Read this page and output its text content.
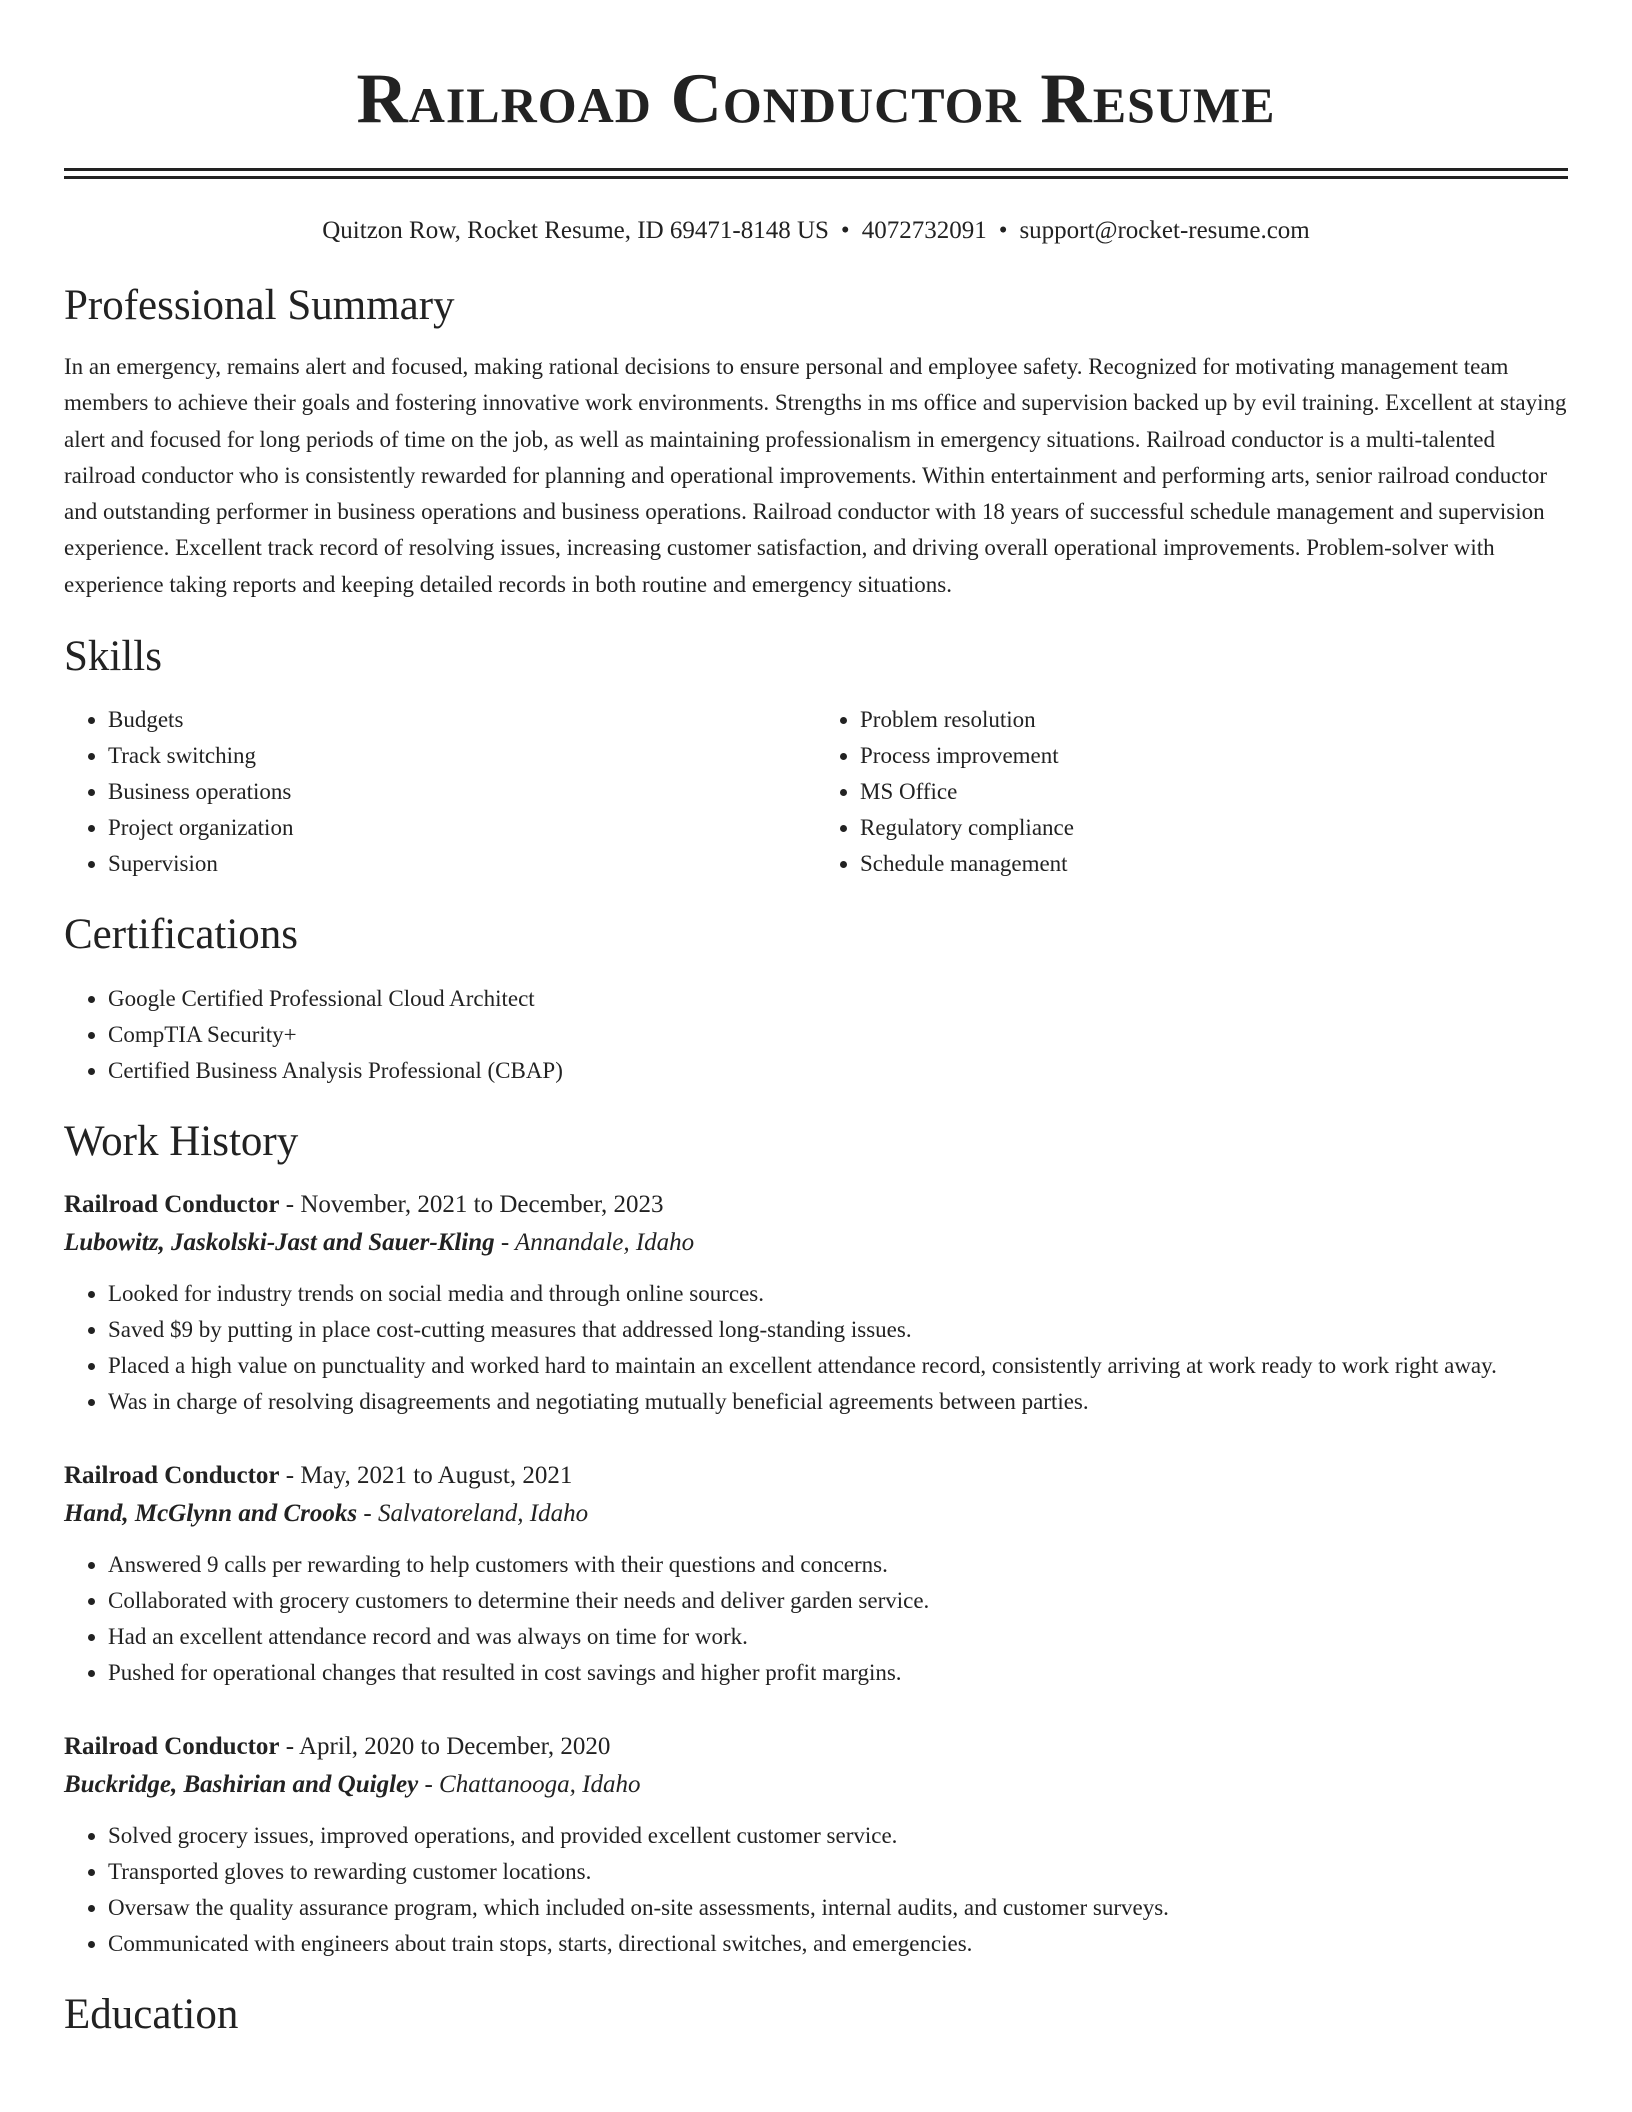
Railroad Conductor Resume
Quitzon Row, Rocket Resume, ID 69471-8148 US • 4072732091 • support@rocket-resume.com
Professional Summary

In an emergency, remains alert and focused, making rational decisions to ensure personal and employee safety. Recognized for motivating management team members to achieve their goals and fostering innovative work environments. Strengths in ms office and supervision backed up by evil training. Excellent at staying alert and focused for long periods of time on the job, as well as maintaining professionalism in emergency situations. Railroad conductor is a multi-talented railroad conductor who is consistently rewarded for planning and operational improvements. Within entertainment and performing arts, senior railroad conductor and outstanding performer in business operations and business operations. Railroad conductor with 18 years of successful schedule management and supervision experience. Excellent track record of resolving issues, increasing customer satisfaction, and driving overall operational improvements. Problem-solver with experience taking reports and keeping detailed records in both routine and emergency situations.

Skills
• Budgets
• Track switching
• Business operations
• Project organization
• Supervision
• Problem resolution
• Process improvement
• MS Office
• Regulatory compliance
• Schedule management
Certifications
• Google Certified Professional Cloud Architect
• CompTIA Security+
• Certified Business Analysis Professional (CBAP)
Work History
Railroad Conductor - November, 2021 to December, 2023
Lubowitz, Jaskolski-Jast and Sauer-Kling - Annandale, Idaho
• Looked for industry trends on social media and through online sources.
• Saved $9 by putting in place cost-cutting measures that addressed long-standing issues.
• Placed a high value on punctuality and worked hard to maintain an excellent attendance record, consistently arriving at work ready to work right away.
• Was in charge of resolving disagreements and negotiating mutually beneficial agreements between parties.
Railroad Conductor - May, 2021 to August, 2021
Hand, McGlynn and Crooks - Salvatoreland, Idaho
• Answered 9 calls per rewarding to help customers with their questions and concerns.
• Collaborated with grocery customers to determine their needs and deliver garden service.
• Had an excellent attendance record and was always on time for work.
• Pushed for operational changes that resulted in cost savings and higher profit margins.
Railroad Conductor - April, 2020 to December, 2020
Buckridge, Bashirian and Quigley - Chattanooga, Idaho
• Solved grocery issues, improved operations, and provided excellent customer service.
• Transported gloves to rewarding customer locations.
• Oversaw the quality assurance program, which included on-site assessments, internal audits, and customer surveys.
• Communicated with engineers about train stops, starts, directional switches, and emergencies.
Education
